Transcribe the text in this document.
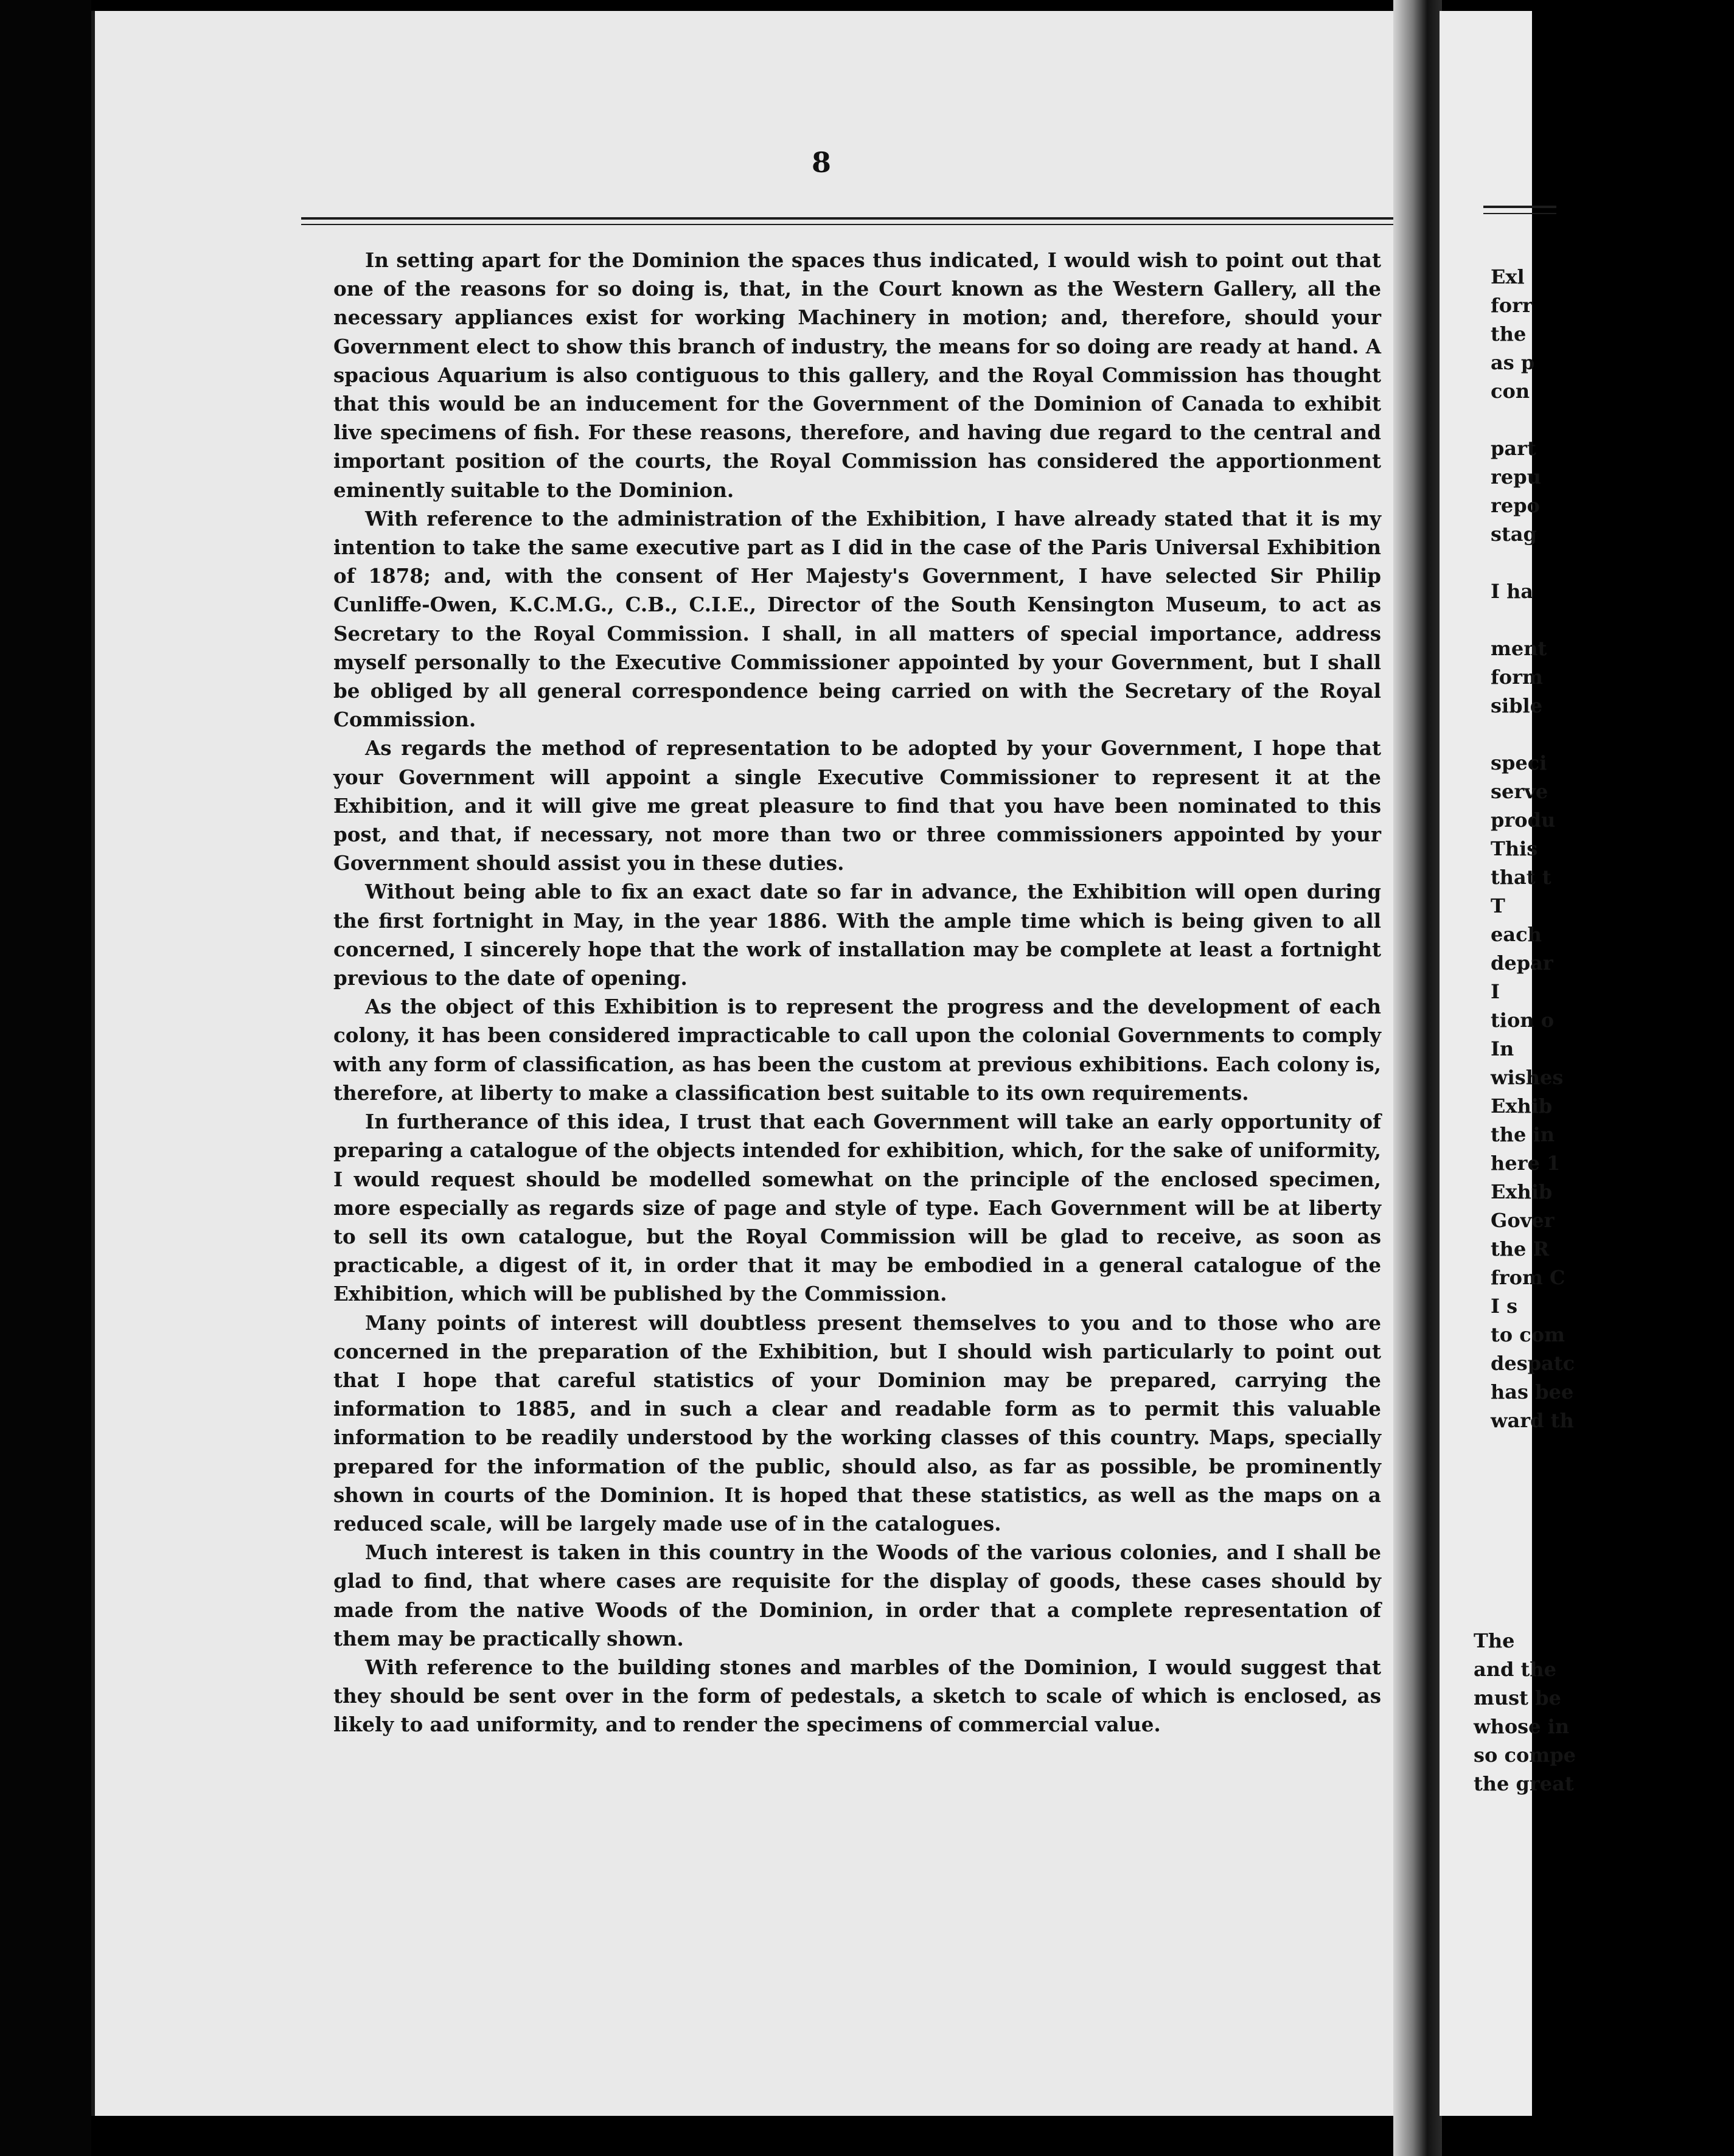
8

In setting apart for the Dominion the spaces thus indicated, I would wish to point out that one of the reasons for so doing is, that, in the Court known as the Western Gallery, all the necessary appliances exist for working Machinery in motion; and, therefore, should your Government elect to show this branch of industry, the means for so doing are ready at hand. A spacious Aquarium is also contiguous to this gallery, and the Royal Commission has thought that this would be an inducement for the Government of the Dominion of Canada to exhibit live specimens of fish. For these reasons, therefore, and having due regard to the central and important position of the courts, the Royal Commission has considered the apportionment eminently suitable to the Dominion.

With reference to the administration of the Exhibition, I have already stated that it is my intention to take the same executive part as I did in the case of the Paris Universal Exhibition of 1878; and, with the consent of Her Majesty's Government, I have selected Sir Philip Cunliffe-Owen, K.C.M.G., C.B., C.I.E., Director of the South Kensington Museum, to act as Secretary to the Royal Commission. I shall, in all matters of special importance, address myself personally to the Executive Commissioner appointed by your Government, but I shall be obliged by all general correspondence being carried on with the Secretary of the Royal Commission.

As regards the method of representation to be adopted by your Government, I hope that your Government will appoint a single Executive Commissioner to represent it at the Exhibition, and it will give me great pleasure to find that you have been nominated to this post, and that, if necessary, not more than two or three commissioners appointed by your Government should assist you in these duties.

Without being able to fix an exact date so far in advance, the Exhibition will open during the first fortnight in May, in the year 1886. With the ample time which is being given to all concerned, I sincerely hope that the work of installation may be complete at least a fortnight previous to the date of opening.

As the object of this Exhibition is to represent the progress and the development of each colony, it has been considered impracticable to call upon the colonial Governments to comply with any form of classification, as has been the custom at previous exhibitions. Each colony is, therefore, at liberty to make a classification best suitable to its own requirements.

In furtherance of this idea, I trust that each Government will take an early opportunity of preparing a catalogue of the objects intended for exhibition, which, for the sake of uniformity, I would request should be modelled somewhat on the principle of the enclosed specimen, more especially as regards size of page and style of type. Each Government will be at liberty to sell its own catalogue, but the Royal Commission will be glad to receive, as soon as practicable, a digest of it, in order that it may be embodied in a general catalogue of the Exhibition, which will be published by the Commission.

Many points of interest will doubtless present themselves to you and to those who are concerned in the preparation of the Exhibition, but I should wish particularly to point out that I hope that careful statistics of your Dominion may be prepared, carrying the information to 1885, and in such a clear and readable form as to permit this valuable information to be readily understood by the working classes of this country. Maps, specially prepared for the information of the public, should also, as far as possible, be prominently shown in courts of the Dominion. It is hoped that these statistics, as well as the maps on a reduced scale, will be largely made use of in the catalogues.

Much interest is taken in this country in the Woods of the various colonies, and I shall be glad to find, that where cases are requisite for the display of goods, these cases should by made from the native Woods of the Dominion, in order that a complete representation of them may be practically shown.

With reference to the building stones and marbles of the Dominion, I would suggest that they should be sent over in the form of pedestals, a sketch to scale of which is enclosed, as likely to aad uniformity, and to render the specimens of commercial value.

Exl
forr
the
as p
con
part
repu
repo
stag
I ha
ment
form
sible
speci
serve
produ
This
that t
T
each
depar
I
tion o
In
wishes
Exhib
the in
here 1
Exhib
Gover
the R
from C
I s
to com
despatc
has bee
ward th
The
and the
must be
whose in
so compe
the great
